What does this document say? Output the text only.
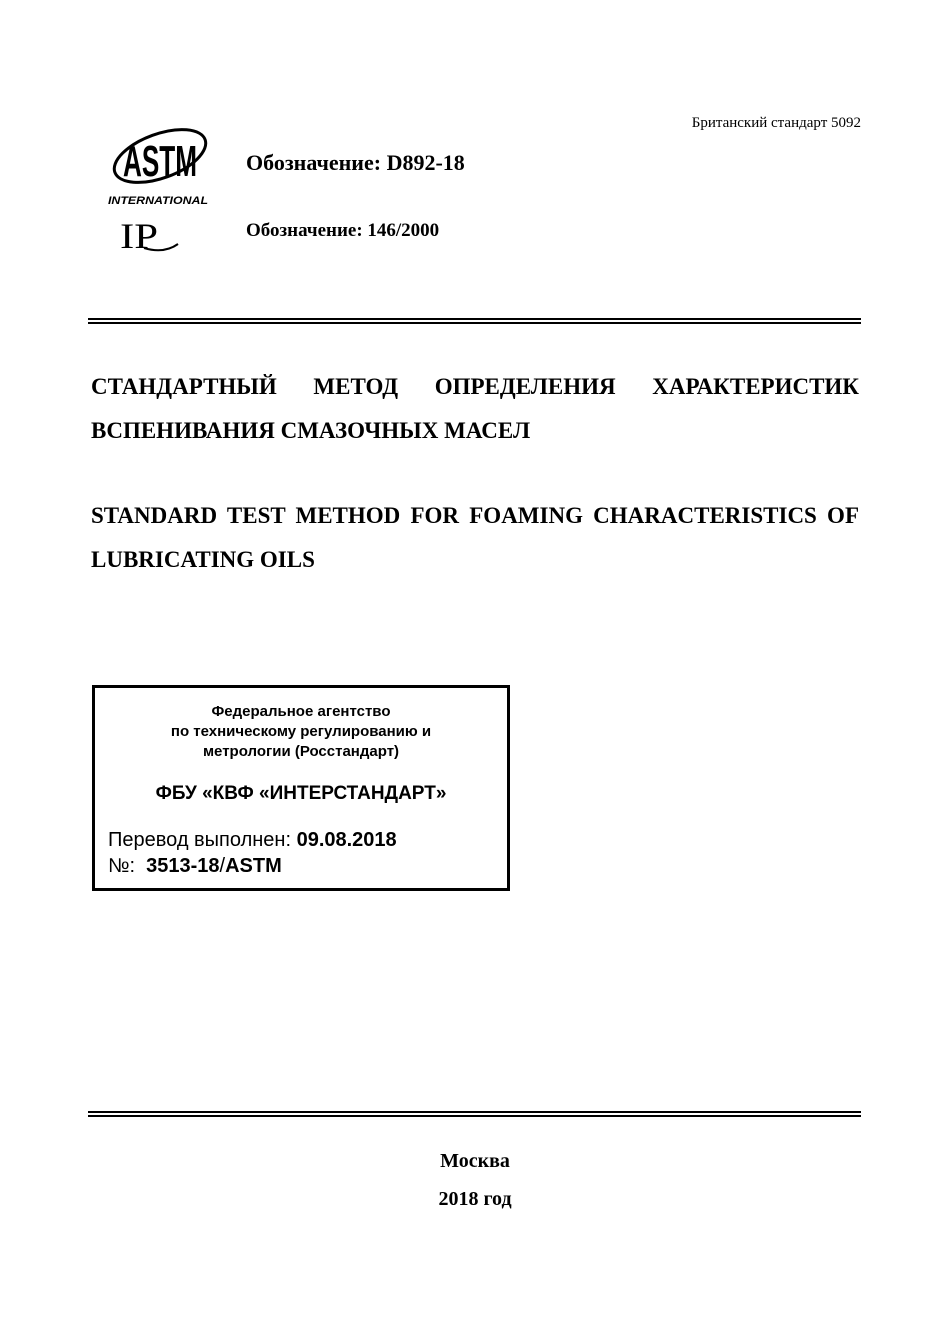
Британский стандарт 5092
ASTM
INTERNATIONAL
IP
Обозначение: D892-18
Обозначение: 146/2000
СТАНДАРТНЫЙ МЕТОД ОПРЕДЕЛЕНИЯ ХАРАКТЕРИСТИК ВСПЕНИВАНИЯ СМАЗОЧНЫХ МАСЕЛ
STANDARD TEST METHOD FOR FOAMING CHARACTERISTICS OF LUBRICATING OILS
Федеральное агентство
по техническому регулированию и
метрологии (Росстандарт)
ФБУ «КВФ «ИНТЕРСТАНДАРТ»
Перевод выполнен: 09.08.2018
№:  3513-18/ASTM
Москва
2018 год
